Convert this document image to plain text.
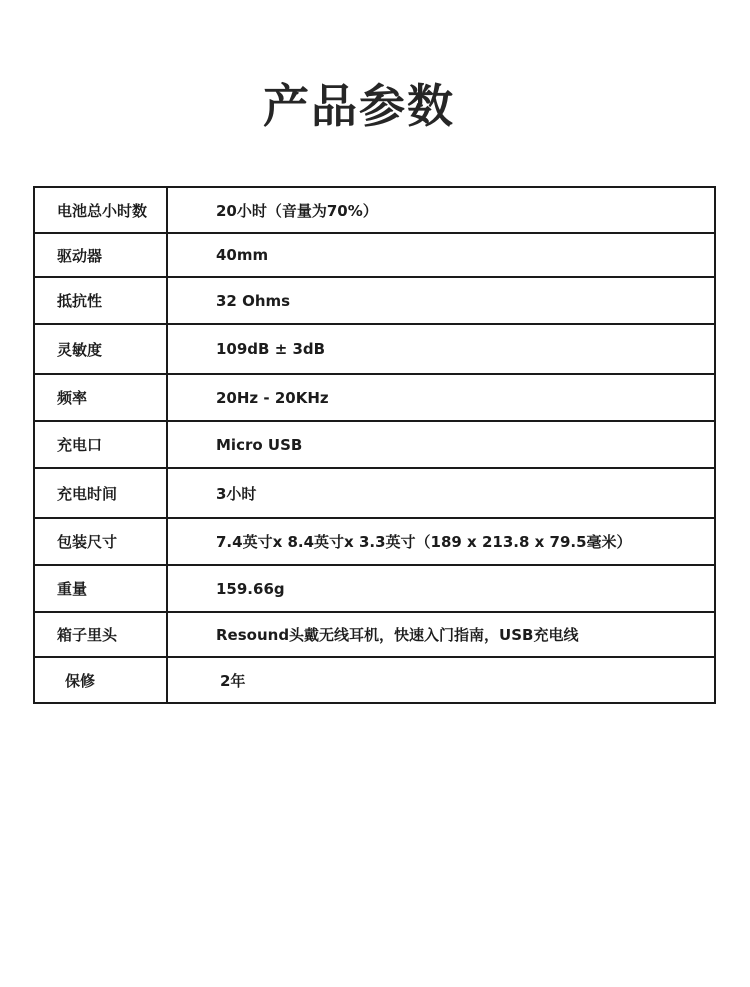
产品参数
电池总小时数	20小时（音量为70%）
驱动器	40mm
抵抗性	32 Ohms
灵敏度	109dB ± 3dB
频率	20Hz - 20KHz
充电口	Micro USB
充电时间	3小时
包装尺寸	7.4英寸x 8.4英寸x 3.3英寸（189 x 213.8 x 79.5毫米）
重量	159.66g
箱子里头	Resound头戴无线耳机，快速入门指南，USB充电线
保修	2年
